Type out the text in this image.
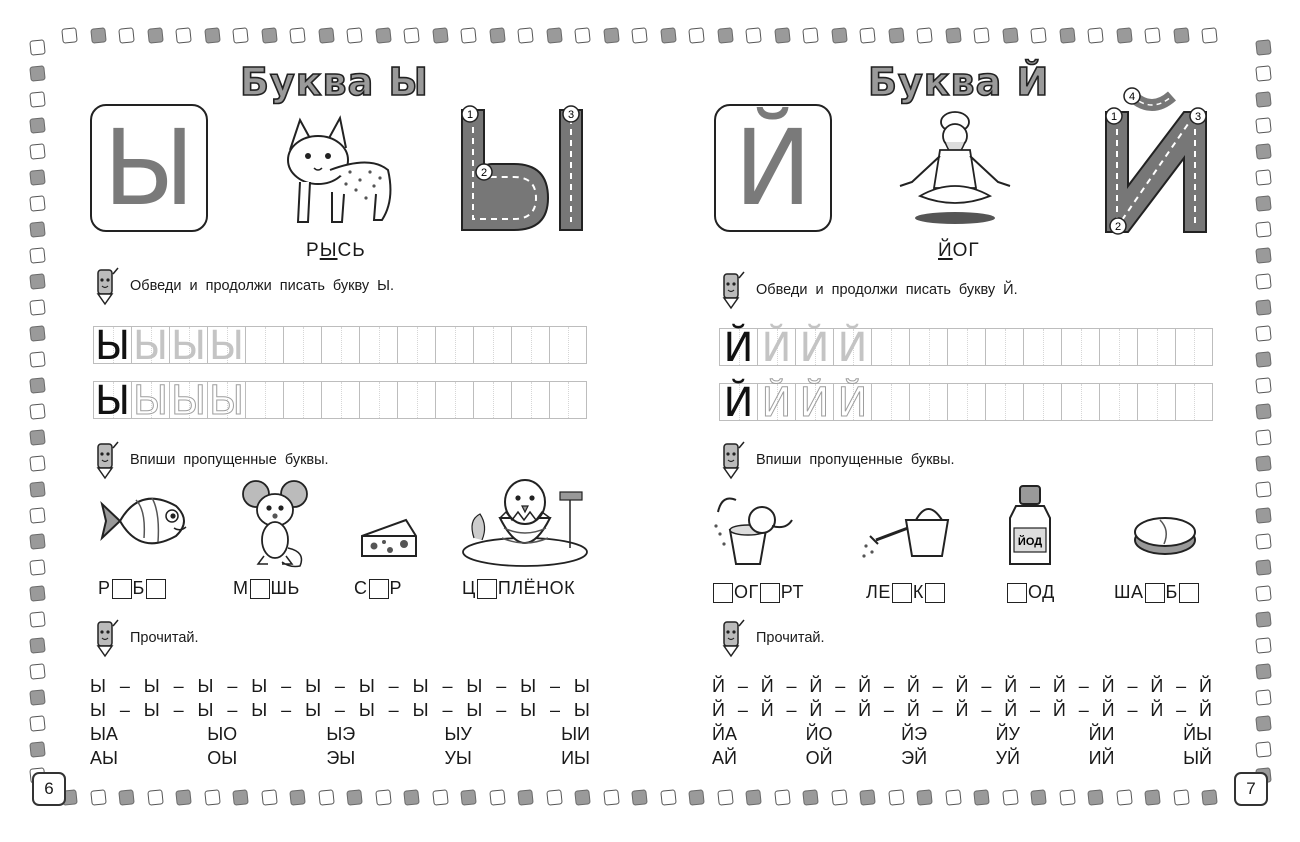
Буква Ы
Ы	1
2
3
РЫСЬ
Обведи и продолжи писать букву Ы.
Ы Ы Ы Ы
Ы Ы Ы Ы
Впиши пропущенные буквы.
Р Б	М ШЬ	С Р	Ц ПЛЁНОК
Прочитай.
Ы – Ы – Ы – Ы – Ы – Ы – Ы – Ы – Ы – Ы
Ы – Ы – Ы – Ы – Ы – Ы – Ы – Ы – Ы – Ы
ЫА	ЫО	ЫЭ	ЫУ	ЫИ
АЫ	ОЫ	ЭЫ	УЫ	ИЫ
Буква Й
Й	1
2
3
4
ЙОГ
Обведи и продолжи писать букву Й.
Й Й Й Й
Й Й Й Й
Впиши пропущенные буквы.
ЙОД
ОГ РТ	ЛЕ К	ОД	ША Б
Прочитай.
Й – Й – Й – Й – Й – Й – Й – Й – Й – Й – Й
Й – Й – Й – Й – Й – Й – Й – Й – Й – Й – Й
ЙА	ЙО	ЙЭ	ЙУ	ЙИ	ЙЫ
АЙ	ОЙ	ЭЙ	УЙ	ИЙ	ЫЙ
6	7
